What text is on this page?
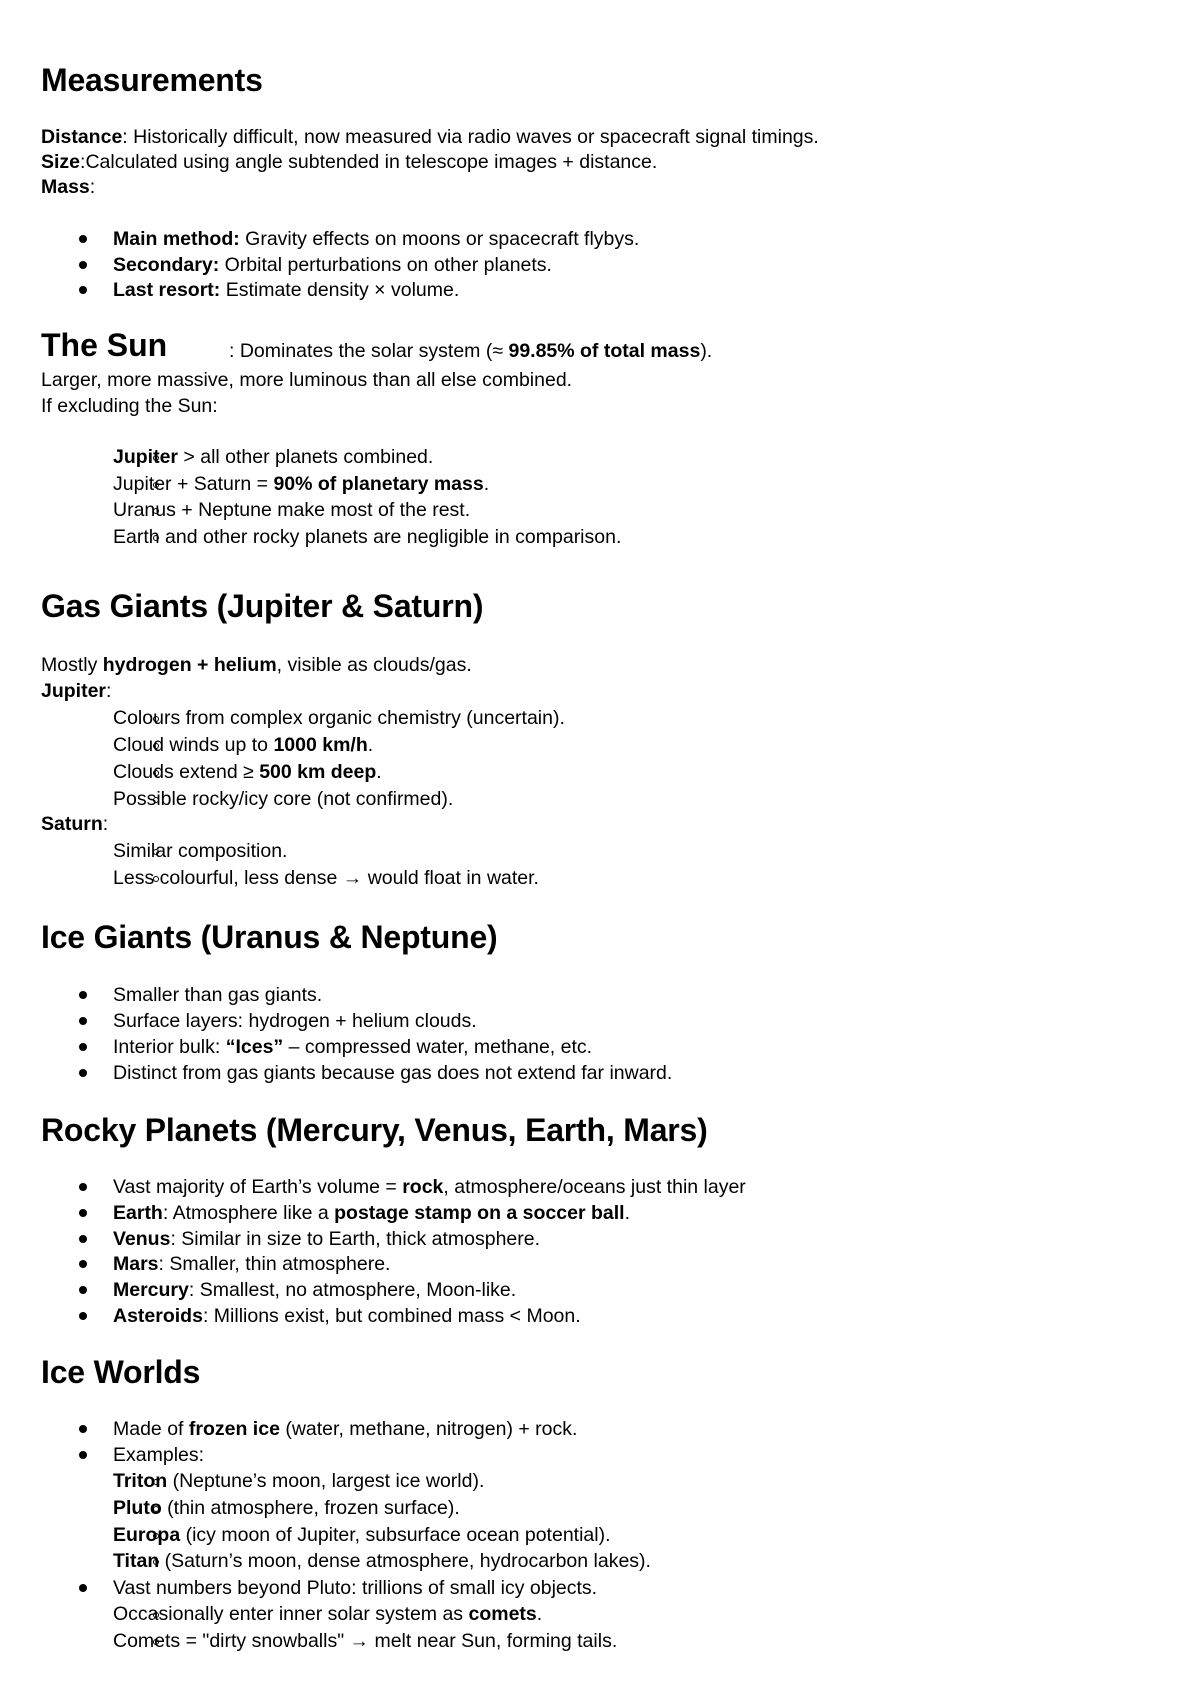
Measurements
Distance: Historically difficult, now measured via radio waves or spacecraft signal timings.
Size:Calculated using angle subtended in telescope images + distance.
Mass:
Main method: Gravity effects on moons or spacecraft flybys.
Secondary: Orbital perturbations on other planets.
Last resort: Estimate density × volume.
The Sun	: Dominates the solar system (≈ 99.85% of total mass).
Larger, more massive, more luminous than all else combined.
If excluding the Sun:
Jupiter > all other planets combined.
Jupiter + Saturn = 90% of planetary mass.
Uranus + Neptune make most of the rest.
Earth and other rocky planets are negligible in comparison.
Gas Giants (Jupiter & Saturn)
Mostly hydrogen + helium, visible as clouds/gas.
Jupiter:
Colours from complex organic chemistry (uncertain).
Cloud winds up to 1000 km/h.
Clouds extend ≥ 500 km deep.
Possible rocky/icy core (not confirmed).
Saturn:
Similar composition.
Less colourful, less dense → would float in water.
Ice Giants (Uranus & Neptune)
Smaller than gas giants.
Surface layers: hydrogen + helium clouds.
Interior bulk: “Ices” – compressed water, methane, etc.
Distinct from gas giants because gas does not extend far inward.
Rocky Planets (Mercury, Venus, Earth, Mars)
Vast majority of Earth’s volume = rock, atmosphere/oceans just thin layer
Earth: Atmosphere like a postage stamp on a soccer ball.
Venus: Similar in size to Earth, thick atmosphere.
Mars: Smaller, thin atmosphere.
Mercury: Smallest, no atmosphere, Moon-like.
Asteroids: Millions exist, but combined mass < Moon.
Ice Worlds
Made of frozen ice (water, methane, nitrogen) + rock.
Examples:
Triton (Neptune’s moon, largest ice world).
Pluto (thin atmosphere, frozen surface).
Europa (icy moon of Jupiter, subsurface ocean potential).
Titan (Saturn’s moon, dense atmosphere, hydrocarbon lakes).
Vast numbers beyond Pluto: trillions of small icy objects.
Occasionally enter inner solar system as comets.
Comets = "dirty snowballs" → melt near Sun, forming tails.
